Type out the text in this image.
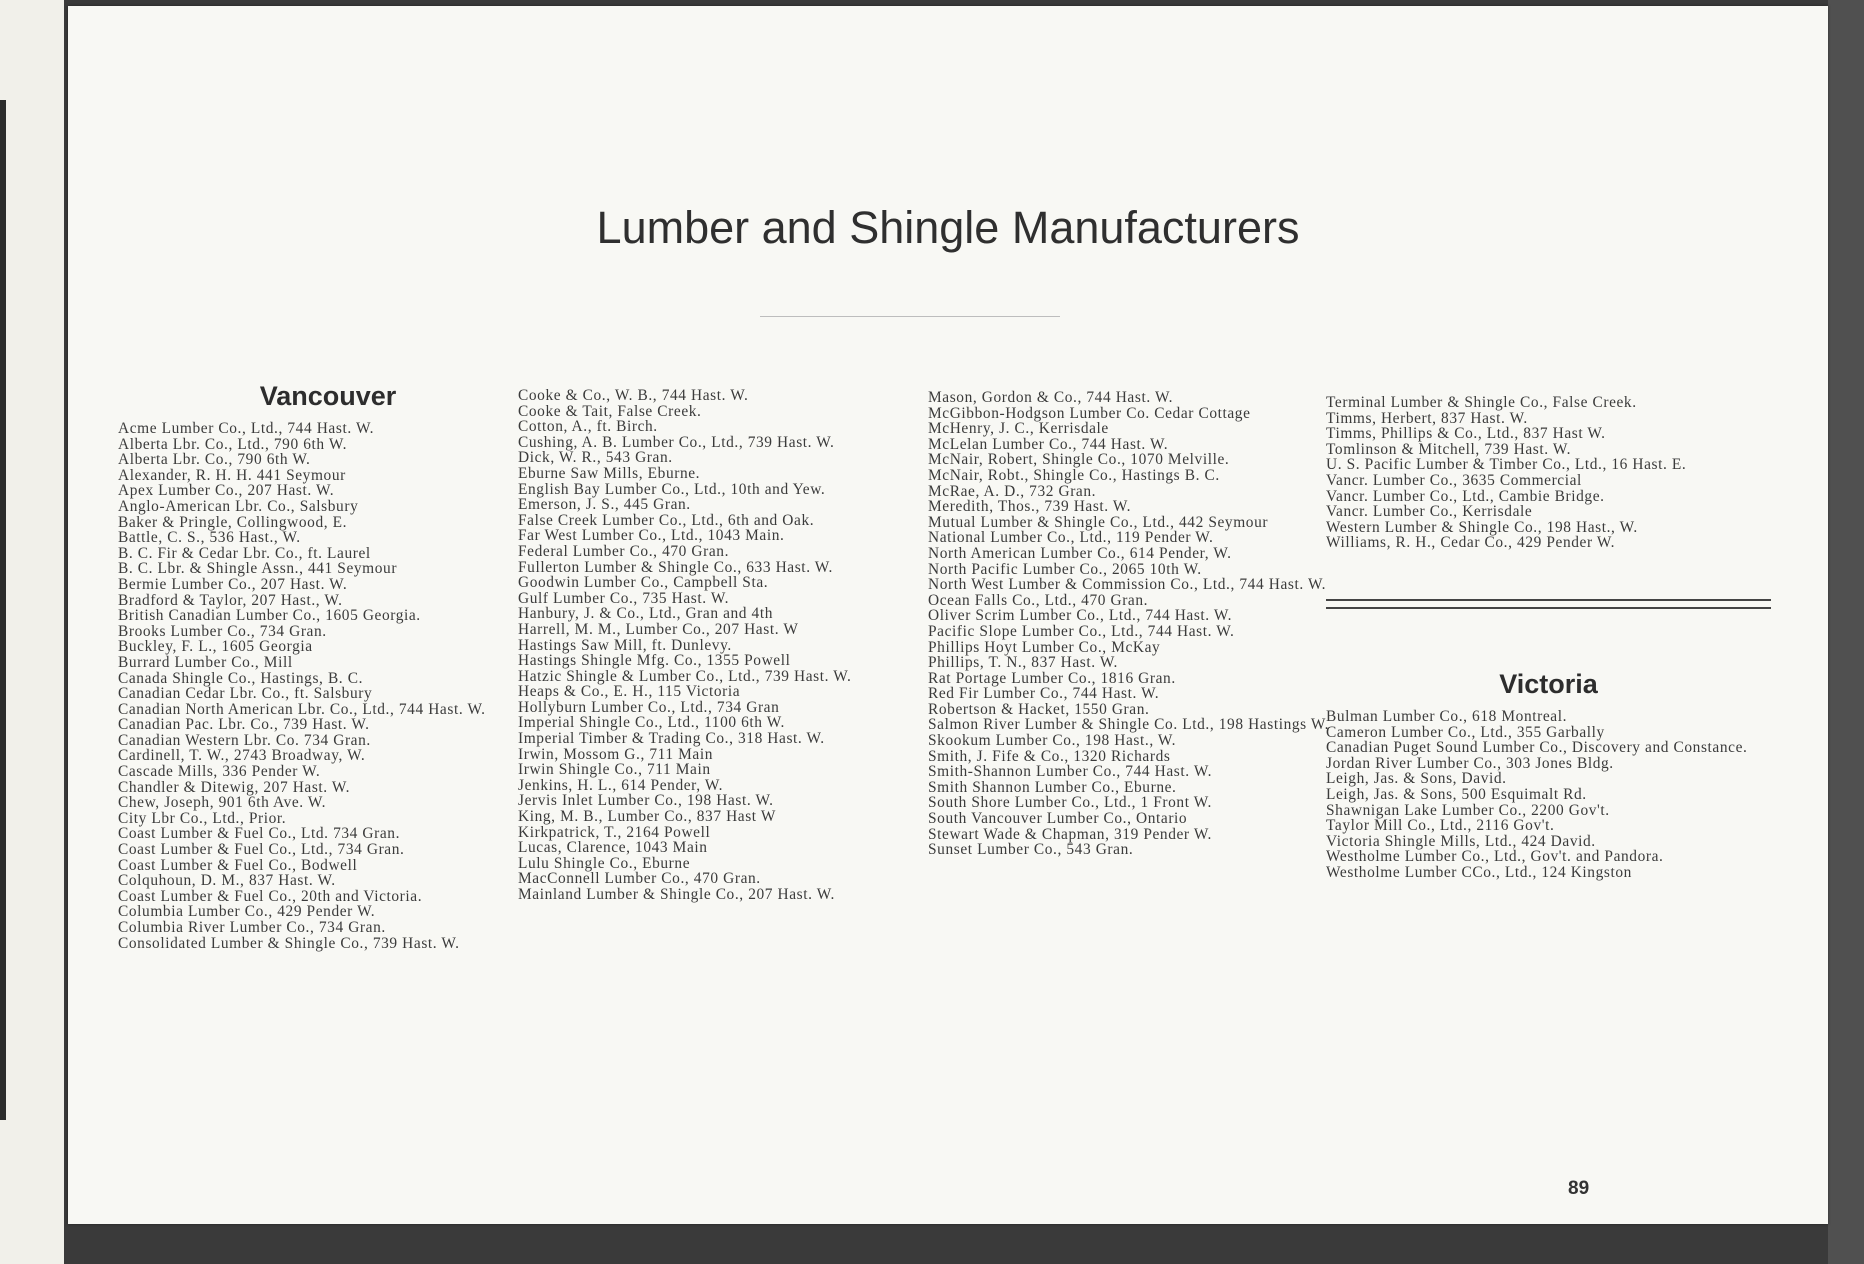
Lumber and Shingle Manufacturers
Vancouver

Acme Lumber Co., Ltd., 744 Hast. W.

Alberta Lbr. Co., Ltd., 790 6th W.

Alberta Lbr. Co., 790 6th W.

Alexander, R. H. H. 441 Seymour

Apex Lumber Co., 207 Hast. W.

Anglo-American Lbr. Co., Salsbury

Baker & Pringle, Collingwood, E.

Battle, C. S., 536 Hast., W.

B. C. Fir & Cedar Lbr. Co., ft. Laurel

B. C. Lbr. & Shingle Assn., 441 Seymour

Bermie Lumber Co., 207 Hast. W.

Bradford & Taylor, 207 Hast., W.

British Canadian Lumber Co., 1605 Georgia.

Brooks Lumber Co., 734 Gran.

Buckley, F. L., 1605 Georgia

Burrard Lumber Co., Mill

Canada Shingle Co., Hastings, B. C.

Canadian Cedar Lbr. Co., ft. Salsbury

Canadian North American Lbr. Co., Ltd., 744 Hast. W.

Canadian Pac. Lbr. Co., 739 Hast. W.

Canadian Western Lbr. Co. 734 Gran.

Cardinell, T. W., 2743 Broadway, W.

Cascade Mills, 336 Pender W.

Chandler & Ditewig, 207 Hast. W.

Chew, Joseph, 901 6th Ave. W.

City Lbr Co., Ltd., Prior.

Coast Lumber & Fuel Co., Ltd. 734 Gran.

Coast Lumber & Fuel Co., Ltd., 734 Gran.

Coast Lumber & Fuel Co., Bodwell

Colquhoun, D. M., 837 Hast. W.

Coast Lumber & Fuel Co., 20th and Victoria.

Columbia Lumber Co., 429 Pender W.

Columbia River Lumber Co., 734 Gran.

Consolidated Lumber & Shingle Co., 739 Hast. W.

Cooke & Co., W. B., 744 Hast. W.

Cooke & Tait, False Creek.

Cotton, A., ft. Birch.

Cushing, A. B. Lumber Co., Ltd., 739 Hast. W.

Dick, W. R., 543 Gran.

Eburne Saw Mills, Eburne.

English Bay Lumber Co., Ltd., 10th and Yew.

Emerson, J. S., 445 Gran.

False Creek Lumber Co., Ltd., 6th and Oak.

Far West Lumber Co., Ltd., 1043 Main.

Federal Lumber Co., 470 Gran.

Fullerton Lumber & Shingle Co., 633 Hast. W.

Goodwin Lumber Co., Campbell Sta.

Gulf Lumber Co., 735 Hast. W.

Hanbury, J. & Co., Ltd., Gran and 4th

Harrell, M. M., Lumber Co., 207 Hast. W

Hastings Saw Mill, ft. Dunlevy.

Hastings Shingle Mfg. Co., 1355 Powell

Hatzic Shingle & Lumber Co., Ltd., 739 Hast. W.

Heaps & Co., E. H., 115 Victoria

Hollyburn Lumber Co., Ltd., 734 Gran

Imperial Shingle Co., Ltd., 1100 6th W.

Imperial Timber & Trading Co., 318 Hast. W.

Irwin, Mossom G., 711 Main

Irwin Shingle Co., 711 Main

Jenkins, H. L., 614 Pender, W.

Jervis Inlet Lumber Co., 198 Hast. W.

King, M. B., Lumber Co., 837 Hast W

Kirkpatrick, T., 2164 Powell

Lucas, Clarence, 1043 Main

Lulu Shingle Co., Eburne

MacConnell Lumber Co., 470 Gran.

Mainland Lumber & Shingle Co., 207 Hast. W.

Mason, Gordon & Co., 744 Hast. W.

McGibbon-Hodgson Lumber Co. Cedar Cottage

McHenry, J. C., Kerrisdale

McLelan Lumber Co., 744 Hast. W.

McNair, Robert, Shingle Co., 1070 Melville.

McNair, Robt., Shingle Co., Hastings B. C.

McRae, A. D., 732 Gran.

Meredith, Thos., 739 Hast. W.

Mutual Lumber & Shingle Co., Ltd., 442 Seymour

National Lumber Co., Ltd., 119 Pender W.

North American Lumber Co., 614 Pender, W.

North Pacific Lumber Co., 2065 10th W.

North West Lumber & Commission Co., Ltd., 744 Hast. W.

Ocean Falls Co., Ltd., 470 Gran.

Oliver Scrim Lumber Co., Ltd., 744 Hast. W.

Pacific Slope Lumber Co., Ltd., 744 Hast. W.

Phillips Hoyt Lumber Co., McKay

Phillips, T. N., 837 Hast. W.

Rat Portage Lumber Co., 1816 Gran.

Red Fir Lumber Co., 744 Hast. W.

Robertson & Hacket, 1550 Gran.

Salmon River Lumber & Shingle Co. Ltd., 198 Hastings W.

Skookum Lumber Co., 198 Hast., W.

Smith, J. Fife & Co., 1320 Richards

Smith-Shannon Lumber Co., 744 Hast. W.

Smith Shannon Lumber Co., Eburne.

South Shore Lumber Co., Ltd., 1 Front W.

South Vancouver Lumber Co., Ontario

Stewart Wade & Chapman, 319 Pender W.

Sunset Lumber Co., 543 Gran.

Terminal Lumber & Shingle Co., False Creek.

Timms, Herbert, 837 Hast. W.

Timms, Phillips & Co., Ltd., 837 Hast W.

Tomlinson & Mitchell, 739 Hast. W.

U. S. Pacific Lumber & Timber Co., Ltd., 16 Hast. E.

Vancr. Lumber Co., 3635 Commercial

Vancr. Lumber Co., Ltd., Cambie Bridge.

Vancr. Lumber Co., Kerrisdale

Western Lumber & Shingle Co., 198 Hast., W.

Williams, R. H., Cedar Co., 429 Pender W.

Victoria

Bulman Lumber Co., 618 Montreal.

Cameron Lumber Co., Ltd., 355 Garbally

Canadian Puget Sound Lumber Co., Discovery and Constance.

Jordan River Lumber Co., 303 Jones Bldg.

Leigh, Jas. & Sons, David.

Leigh, Jas. & Sons, 500 Esquimalt Rd.

Shawnigan Lake Lumber Co., 2200 Gov't.

Taylor Mill Co., Ltd., 2116 Gov't.

Victoria Shingle Mills, Ltd., 424 David.

Westholme Lumber Co., Ltd., Gov't. and Pandora.

Westholme Lumber CCo., Ltd., 124 Kingston

89
